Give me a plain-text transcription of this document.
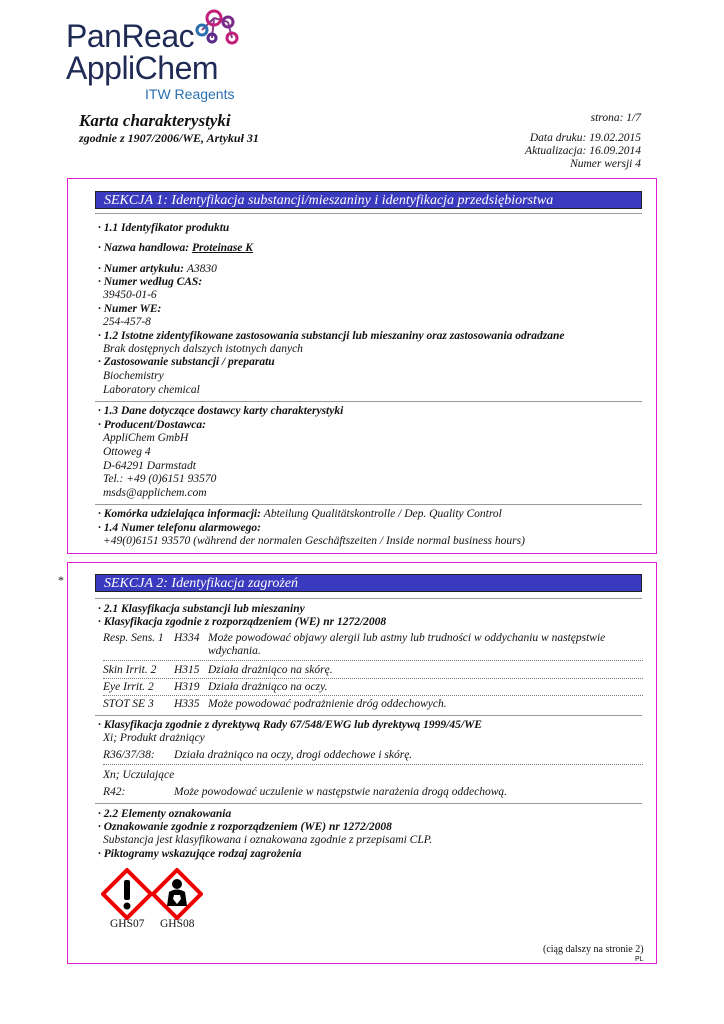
PanReac
AppliChem
ITW Reagents
Karta charakterystyki
zgodnie z 1907/2006/WE, Artykuł 31
strona: 1/7
Data druku: 19.02.2015
Aktualizacja: 16.09.2014
Numer wersji 4
SEKCJA 1: Identyfikacja substancji/mieszaniny i identyfikacja przedsiębiorstwa
· 1.1 Identyfikator produktu
· Nazwa handlowa: Proteinase K
· Numer artykułu: A3830
· Numer według CAS:
39450-01-6
· Numer WE:
254-457-8
· 1.2 Istotne zidentyfikowane zastosowania substancji lub mieszaniny oraz zastosowania odradzane
Brak dostępnych dalszych istotnych danych
· Zastosowanie substancji / preparatu
Biochemistry
Laboratory chemical
· 1.3 Dane dotyczące dostawcy karty charakterystyki
· Producent/Dostawca:
AppliChem GmbH
Ottoweg 4
D-64291 Darmstadt
Tel.: +49 (0)6151 93570
msds@applichem.com
· Komórka udzielająca informacji: Abteilung Qualitätskontrolle / Dep. Quality Control
· 1.4 Numer telefonu alarmowego:
+49(0)6151 93570 (während der normalen Geschäftszeiten / Inside normal business hours)
*	SEKCJA 2: Identyfikacja zagrożeń
· 2.1 Klasyfikacja substancji lub mieszaniny
· Klasyfikacja zgodnie z rozporządzeniem (WE) nr 1272/2008
Resp. Sens. 1 H334 Może powodować objawy alergii lub astmy lub trudności w oddychaniu w następstwie
wdychania.
Skin Irrit. 2 H315 Działa drażniąco na skórę.
Eye Irrit. 2 H319 Działa drażniąco na oczy.
STOT SE 3 H335 Może powodować podrażnienie dróg oddechowych.
· Klasyfikacja zgodnie z dyrektywą Rady 67/548/EWG lub dyrektywą 1999/45/WE
Xi; Produkt drażniący
R36/37/38: Działa drażniąco na oczy, drogi oddechowe i skórę.
Xn; Uczulające
R42:	Może powodować uczulenie w następstwie narażenia drogą oddechową.
· 2.2 Elementy oznakowania
· Oznakowanie zgodnie z rozporządzeniem (WE) nr 1272/2008
Substancja jest klasyfikowana i oznakowana zgodnie z przepisami CLP.
· Piktogramy wskazujące rodzaj zagrożenia
GHS07 GHS08
(ciąg dalszy na stronie 2)
PL
